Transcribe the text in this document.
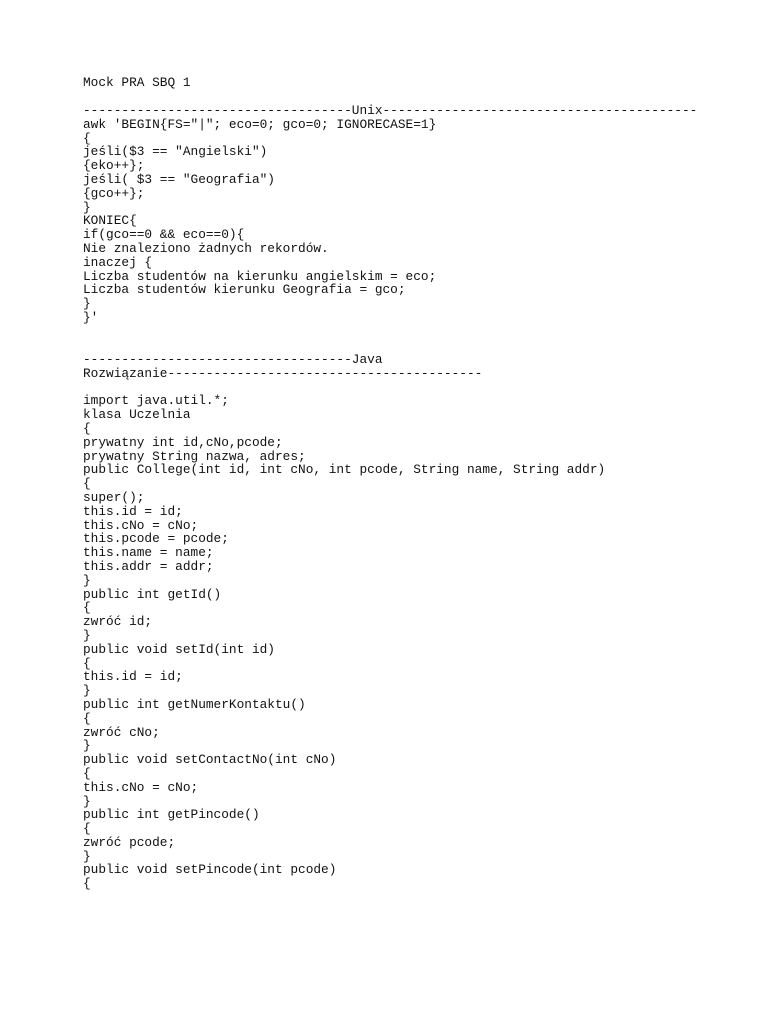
Mock PRA SBQ 1
-----------------------------------Unix-----------------------------------------
awk 'BEGIN{FS="|"; eco=0; gco=0; IGNORECASE=1}
{
jeśli($3 == "Angielski")
{eko++};
jeśli( $3 == "Geografia")
{gco++};
}
KONIEC{
if(gco==0 && eco==0){
Nie znaleziono żadnych rekordów.
inaczej {
Liczba studentów na kierunku angielskim = eco;
Liczba studentów kierunku Geografia = gco;
}
}'
-----------------------------------Java
Rozwiązanie-----------------------------------------
import java.util.*;
klasa Uczelnia
{
prywatny int id,cNo,pcode;
prywatny String nazwa, adres;
public College(int id, int cNo, int pcode, String name, String addr)
{
super();
this.id = id;
this.cNo = cNo;
this.pcode = pcode;
this.name = name;
this.addr = addr;
}
public int getId()
{
zwróć id;
}
public void setId(int id)
{
this.id = id;
}
public int getNumerKontaktu()
{
zwróć cNo;
}
public void setContactNo(int cNo)
{
this.cNo = cNo;
}
public int getPincode()
{
zwróć pcode;
}
public void setPincode(int pcode)
{
